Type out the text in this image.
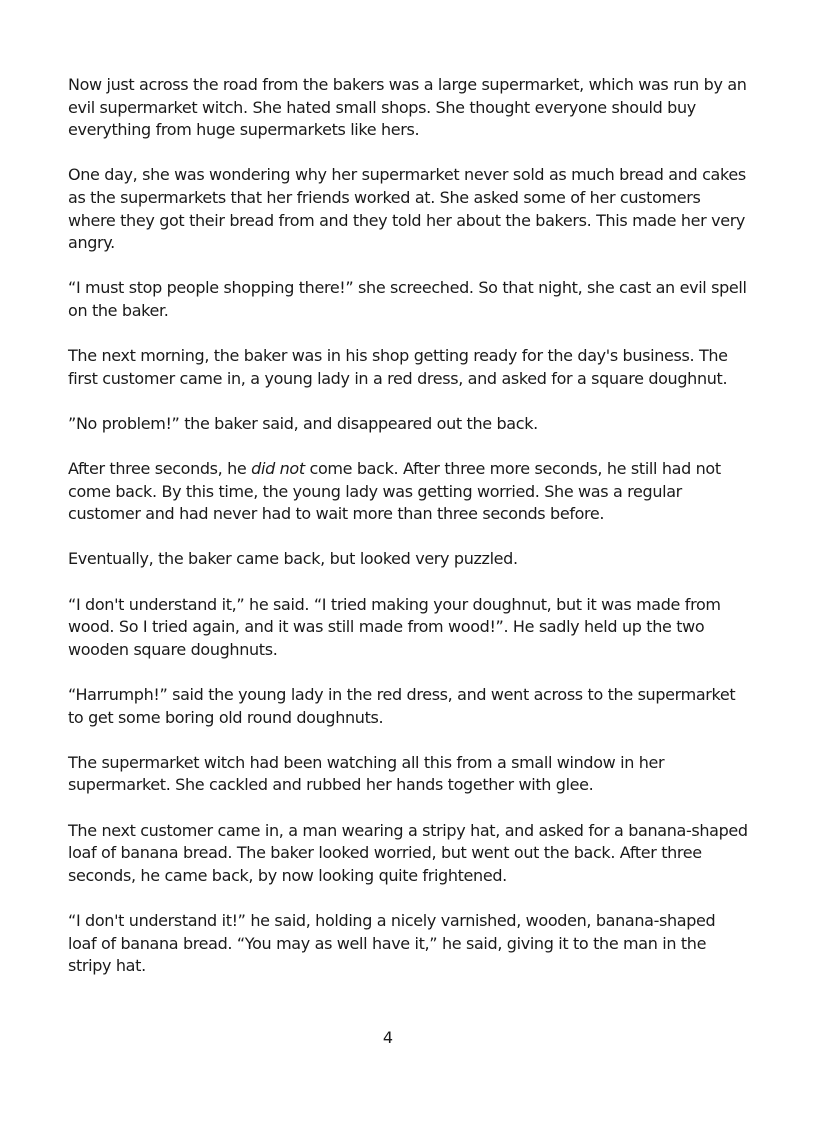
Now just across the road from the bakers was a large supermarket, which was run by an evil supermarket witch. She hated small shops. She thought everyone should buy everything from huge supermarkets like hers.

One day, she was wondering why her supermarket never sold as much bread and cakes as the supermarkets that her friends worked at. She asked some of her customers where they got their bread from and they told her about the bakers. This made her very angry.

“I must stop people shopping there!” she screeched. So that night, she cast an evil spell on the baker.

The next morning, the baker was in his shop getting ready for the day's business. The first customer came in, a young lady in a red dress, and asked for a square doughnut.

”No problem!” the baker said, and disappeared out the back.

After three seconds, he did not come back. After three more seconds, he still had not come back. By this time, the young lady was getting worried. She was a regular customer and had never had to wait more than three seconds before.

Eventually, the baker came back, but looked very puzzled.

“I don't understand it,” he said. “I tried making your doughnut, but it was made from wood. So I tried again, and it was still made from wood!”. He sadly held up the two wooden square doughnuts.

“Harrumph!” said the young lady in the red dress, and went across to the supermarket to get some boring old round doughnuts.

The supermarket witch had been watching all this from a small window in her supermarket. She cackled and rubbed her hands together with glee.

The next customer came in, a man wearing a stripy hat, and asked for a banana-shaped loaf of banana bread. The baker looked worried, but went out the back. After three seconds, he came back, by now looking quite frightened.

“I don't understand it!” he said, holding a nicely varnished, wooden, banana-shaped loaf of banana bread. “You may as well have it,” he said, giving it to the man in the stripy hat.

4
